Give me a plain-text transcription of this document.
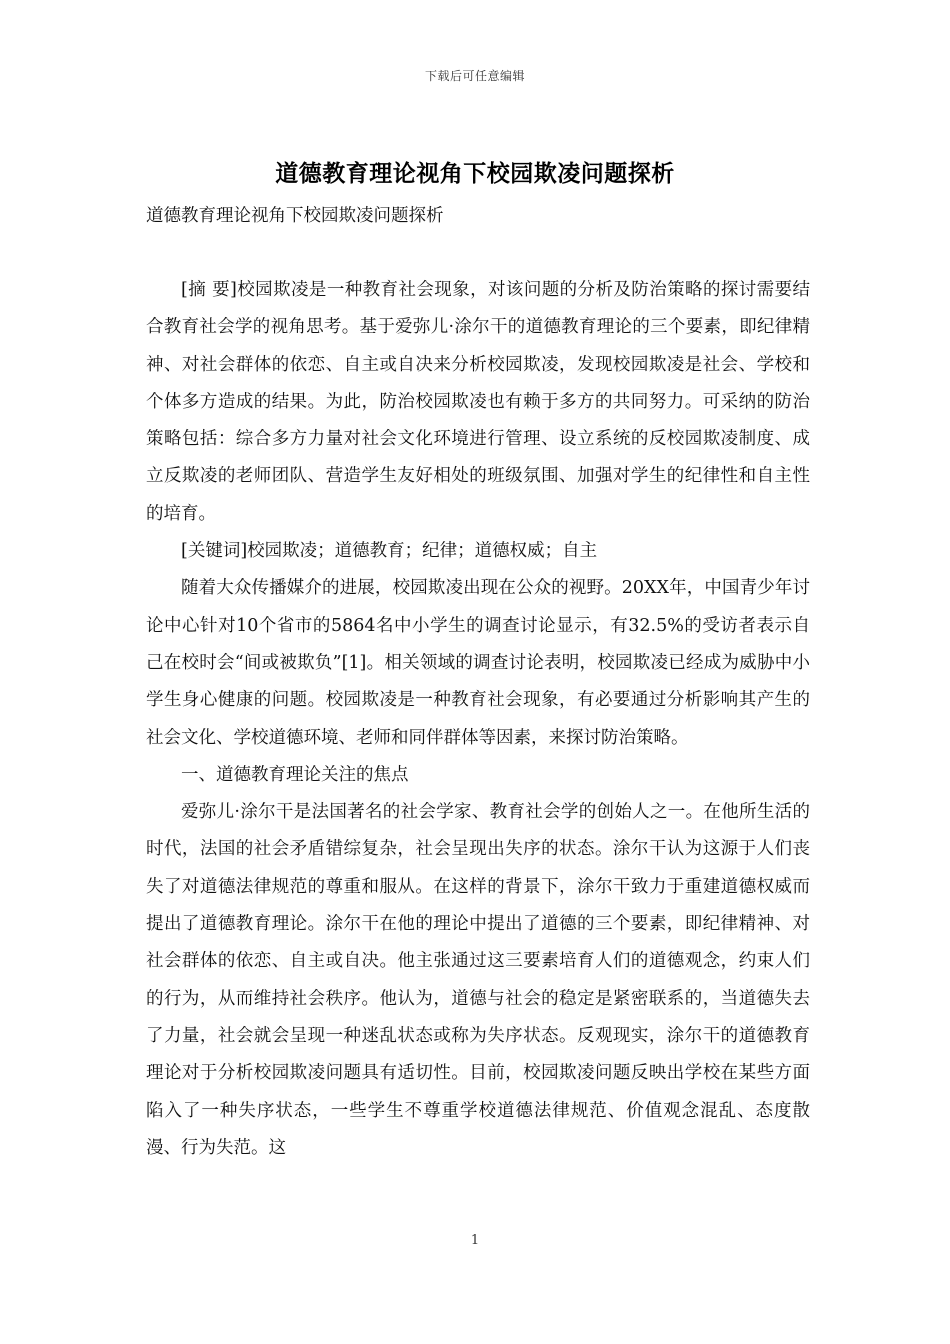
下载后可任意编辑
道德教育理论视角下校园欺凌问题探析
道德教育理论视角下校园欺凌问题探析

[摘 要]校园欺凌是一种教育社会现象，对该问题的分析及防治策略的探讨需要结合教育社会学的视角思考。基于爱弥儿·涂尔干的道德教育理论的三个要素，即纪律精神、对社会群体的依恋、自主或自决来分析校园欺凌，发现校园欺凌是社会、学校和个体多方造成的结果。为此，防治校园欺凌也有赖于多方的共同努力。可采纳的防治策略包括：综合多方力量对社会文化环境进行管理、设立系统的反校园欺凌制度、成立反欺凌的老师团队、营造学生友好相处的班级氛围、加强对学生的纪律性和自主性的培育。

[关键词]校园欺凌；道德教育；纪律；道德权威；自主

随着大众传播媒介的进展，校园欺凌出现在公众的视野。20XX年，中国青少年讨论中心针对10个省市的5864名中小学生的调查讨论显示，有32.5%的受访者表示自己在校时会“间或被欺负”[1]。相关领域的调查讨论表明，校园欺凌已经成为威胁中小学生身心健康的问题。校园欺凌是一种教育社会现象，有必要通过分析影响其产生的社会文化、学校道德环境、老师和同伴群体等因素，来探讨防治策略。

一、道德教育理论关注的焦点

爱弥儿·涂尔干是法国著名的社会学家、教育社会学的创始人之一。在他所生活的时代，法国的社会矛盾错综复杂，社会呈现出失序的状态。涂尔干认为这源于人们丧失了对道德法律规范的尊重和服从。在这样的背景下，涂尔干致力于重建道德权威而提出了道德教育理论。涂尔干在他的理论中提出了道德的三个要素，即纪律精神、对社会群体的依恋、自主或自决。他主张通过这三要素培育人们的道德观念，约束人们的行为，从而维持社会秩序。他认为，道德与社会的稳定是紧密联系的，当道德失去了力量，社会就会呈现一种迷乱状态或称为失序状态。反观现实，涂尔干的道德教育理论对于分析校园欺凌问题具有适切性。目前，校园欺凌问题反映出学校在某些方面陷入了一种失序状态，一些学生不尊重学校道德法律规范、价值观念混乱、态度散漫、行为失范。这

1
